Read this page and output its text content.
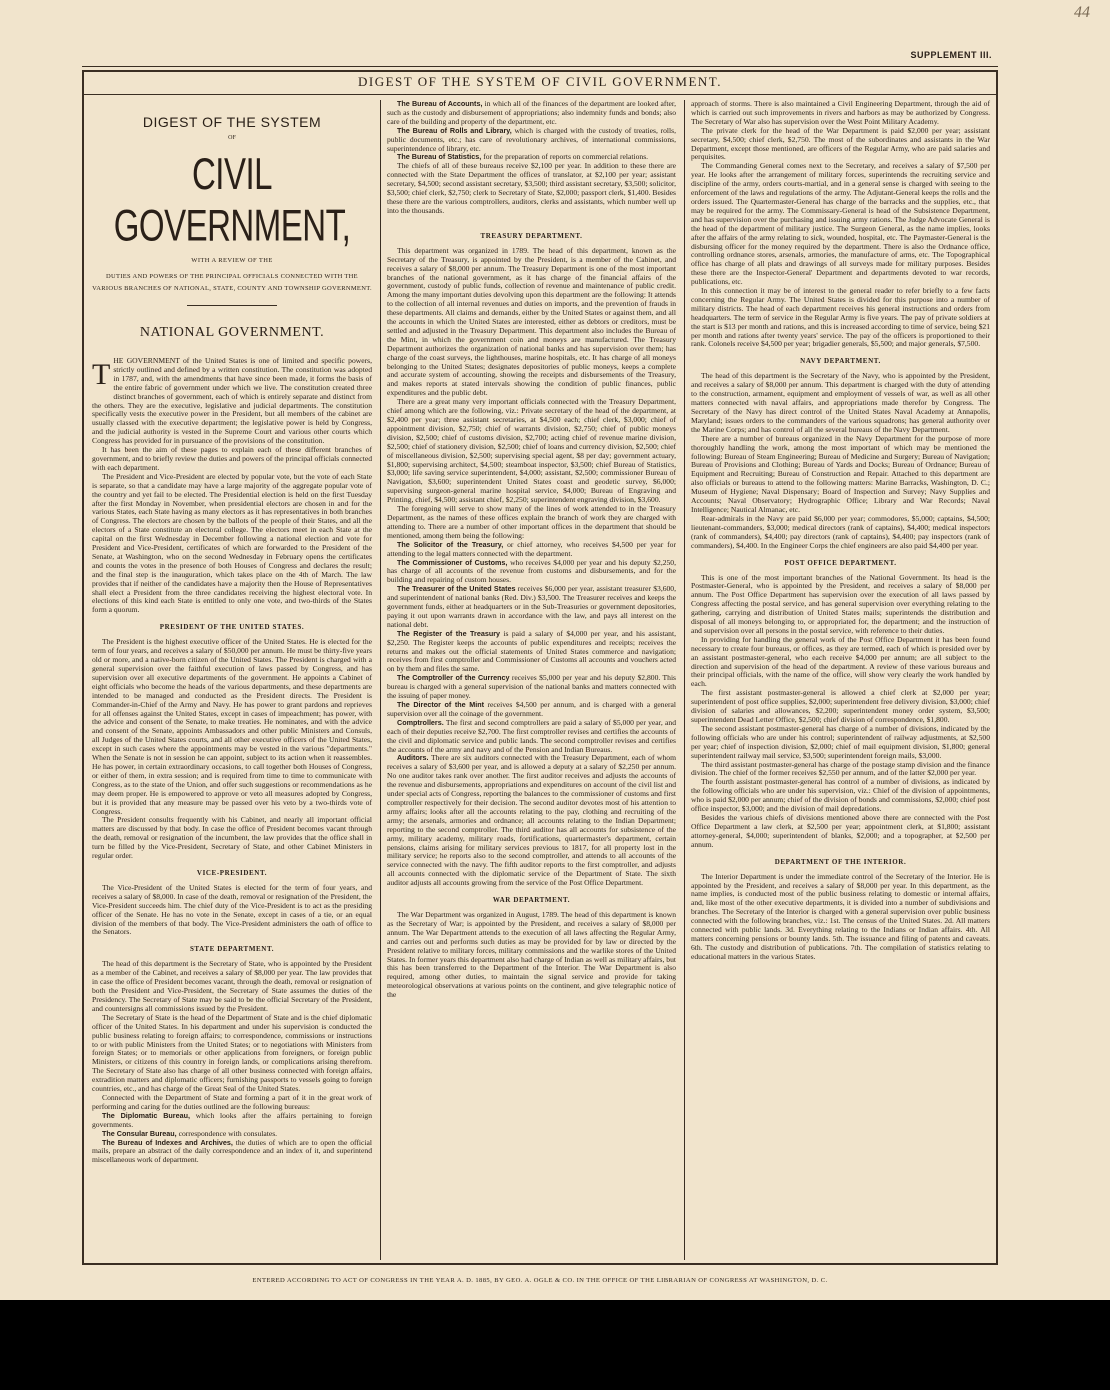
44
SUPPLEMENT III.
DIGEST OF THE SYSTEM OF CIVIL GOVERNMENT.
DIGEST OF THE SYSTEM
OF
CIVIL GOVERNMENT,
WITH A REVIEW OF THE
DUTIES AND POWERS OF THE PRINCIPAL OFFICIALS CONNECTED WITH THE VARIOUS BRANCHES OF NATIONAL, STATE, COUNTY AND TOWNSHIP GOVERNMENT.
NATIONAL GOVERNMENT.

THE GOVERNMENT of the United States is one of limited and specific powers, strictly outlined and defined by a written constitution. The constitution was adopted in 1787, and, with the amendments that have since been made, it forms the basis of the entire fabric of government under which we live. The constitution created three distinct branches of government, each of which is entirely separate and distinct from the others. They are the executive, legislative and judicial departments. The constitution specifically vests the executive power in the President, but all members of the cabinet are usually classed with the executive department; the legislative power is held by Congress, and the judicial authority is vested in the Supreme Court and various other courts which Congress has provided for in pursuance of the provisions of the constitution.

It has been the aim of these pages to explain each of these different branches of government, and to briefly review the duties and powers of the principal officials connected with each department.

The President and Vice-President are elected by popular vote, but the vote of each State is separate, so that a candidate may have a large majority of the aggregate popular vote of the country and yet fail to be elected. The Presidential election is held on the first Tuesday after the first Monday in November, when presidential electors are chosen in and for the various States, each State having as many electors as it has representatives in both branches of Congress. The electors are chosen by the ballots of the people of their States, and all the electors of a State constitute an electoral college. The electors meet in each State at the capital on the first Wednesday in December following a national election and vote for President and Vice-President, certificates of which are forwarded to the President of the Senate, at Washington, who on the second Wednesday in February opens the certificates and counts the votes in the presence of both Houses of Congress and declares the result; and the final step is the inauguration, which takes place on the 4th of March. The law provides that if neither of the candidates have a majority then the House of Representatives shall elect a President from the three candidates receiving the highest electoral vote. In elections of this kind each State is entitled to only one vote, and two-thirds of the States form a quorum.

PRESIDENT OF THE UNITED STATES.

The President is the highest executive officer of the United States. He is elected for the term of four years, and receives a salary of $50,000 per annum. He must be thirty-five years old or more, and a native-born citizen of the United States. The President is charged with a general supervision over the faithful execution of laws passed by Congress, and has supervision over all executive departments of the government. He appoints a Cabinet of eight officials who become the heads of the various departments, and these departments are intended to be managed and conducted as the President directs. The President is Commander-in-Chief of the Army and Navy. He has power to grant pardons and reprieves for all offenses against the United States, except in cases of impeachment; has power, with the advice and consent of the Senate, to make treaties. He nominates, and with the advice and consent of the Senate, appoints Ambassadors and other public Ministers and Consuls, all Judges of the United States courts, and all other executive officers of the United States, except in such cases where the appointments may be vested in the various "departments." When the Senate is not in session he can appoint, subject to its action when it reassembles. He has power, in certain extraordinary occasions, to call together both Houses of Congress, or either of them, in extra session; and is required from time to time to communicate with Congress, as to the state of the Union, and offer such suggestions or recommendations as he may deem proper. He is empowered to approve or veto all measures adopted by Congress, but it is provided that any measure may be passed over his veto by a two-thirds vote of Congress.

The President consults frequently with his Cabinet, and nearly all important official matters are discussed by that body. In case the office of President becomes vacant through the death, removal or resignation of the incumbent, the law provides that the office shall in turn be filled by the Vice-President, Secretary of State, and other Cabinet Ministers in regular order.

VICE-PRESIDENT.

The Vice-President of the United States is elected for the term of four years, and receives a salary of $8,000. In case of the death, removal or resignation of the President, the Vice-President succeeds him. The chief duty of the Vice-President is to act as the presiding officer of the Senate. He has no vote in the Senate, except in cases of a tie, or an equal division of the members of that body. The Vice-President administers the oath of office to the Senators.

STATE DEPARTMENT.

The head of this department is the Secretary of State, who is appointed by the President as a member of the Cabinet, and receives a salary of $8,000 per year. The law provides that in case the office of President becomes vacant, through the death, removal or resignation of both the President and Vice-President, the Secretary of State assumes the duties of the Presidency. The Secretary of State may be said to be the official Secretary of the President, and countersigns all commissions issued by the President.

The Secretary of State is the head of the Department of State and is the chief diplomatic officer of the United States. In his department and under his supervision is conducted the public business relating to foreign affairs; to correspondence, commissions or instructions to or with public Ministers from the United States; or to negotiations with Ministers from foreign States; or to memorials or other applications from foreigners, or foreign public Ministers, or citizens of this country in foreign lands, or complications arising therefrom. The Secretary of State also has charge of all other business connected with foreign affairs, extradition matters and diplomatic officers; furnishing passports to vessels going to foreign countries, etc., and has charge of the Great Seal of the United States.

Connected with the Department of State and forming a part of it in the great work of performing and caring for the duties outlined are the following bureaus:

The Diplomatic Bureau, which looks after the affairs pertaining to foreign governments.

The Consular Bureau, correspondence with consulates.

The Bureau of Indexes and Archives, the duties of which are to open the official mails, prepare an abstract of the daily correspondence and an index of it, and superintend miscellaneous work of department.

The Bureau of Accounts, in which all of the finances of the department are looked after, such as the custody and disbursement of appropriations; also indemnity funds and bonds; also care of the building and property of the department, etc.

The Bureau of Rolls and Library, which is charged with the custody of treaties, rolls, public documents, etc.; has care of revolutionary archives, of international commissions, superintendence of library, etc.

The Bureau of Statistics, for the preparation of reports on commercial relations.

The chiefs of all of these bureaus receive $2,100 per year. In addition to these there are connected with the State Department the offices of translator, at $2,100 per year; assistant secretary, $4,500; second assistant secretary, $3,500; third assistant secretary, $3,500; solicitor, $3,500; chief clerk, $2,750; clerk to Secretary of State, $2,000; passport clerk, $1,400. Besides these there are the various comptrollers, auditors, clerks and assistants, which number well up into the thousands.

TREASURY DEPARTMENT.

This department was organized in 1789. The head of this department, known as the Secretary of the Treasury, is appointed by the President, is a member of the Cabinet, and receives a salary of $8,000 per annum. The Treasury Department is one of the most important branches of the national government, as it has charge of the financial affairs of the government, custody of public funds, collection of revenue and maintenance of public credit. Among the many important duties devolving upon this department are the following: It attends to the collection of all internal revenues and duties on imports, and the prevention of frauds in these departments. All claims and demands, either by the United States or against them, and all the accounts in which the United States are interested, either as debtors or creditors, must be settled and adjusted in the Treasury Department. This department also includes the Bureau of the Mint, in which the government coin and moneys are manufactured. The Treasury Department authorizes the organization of national banks and has supervision over them; has charge of the coast surveys, the lighthouses, marine hospitals, etc. It has charge of all moneys belonging to the United States; designates depositories of public moneys, keeps a complete and accurate system of accounting, showing the receipts and disbursements of the Treasury, and makes reports at stated intervals showing the condition of public finances, public expenditures and the public debt.

There are a great many very important officials connected with the Treasury Department, chief among which are the following, viz.: Private secretary of the head of the department, at $2,400 per year; three assistant secretaries, at $4,500 each; chief clerk, $3,000; chief of appointment division, $2,750; chief of warrants division, $2,750; chief of public moneys division, $2,500; chief of customs division, $2,700; acting chief of revenue marine division, $2,500; chief of stationery division, $2,500; chief of loans and currency division, $2,500; chief of miscellaneous division, $2,500; supervising special agent, $8 per day; government actuary, $1,800; supervising architect, $4,500; steamboat inspector, $3,500; chief Bureau of Statistics, $3,000; life saving service superintendent, $4,000; assistant, $2,500; commissioner Bureau of Navigation, $3,600; superintendent United States coast and geodetic survey, $6,000; supervising surgeon-general marine hospital service, $4,000; Bureau of Engraving and Printing, chief, $4,500; assistant chief, $2,250; superintendent engraving division, $3,600.

The foregoing will serve to show many of the lines of work attended to in the Treasury Department, as the names of these offices explain the branch of work they are charged with attending to. There are a number of other important offices in the department that should be mentioned, among them being the following:

The Solicitor of the Treasury, or chief attorney, who receives $4,500 per year for attending to the legal matters connected with the department.

The Commissioner of Customs, who receives $4,000 per year and his deputy $2,250, has charge of all accounts of the revenue from customs and disbursements, and for the building and repairing of custom houses.

The Treasurer of the United States receives $6,000 per year, assistant treasurer $3,600, and superintendent of national banks (Red. Div.) $3,500. The Treasurer receives and keeps the government funds, either at headquarters or in the Sub-Treasuries or government depositories, paying it out upon warrants drawn in accordance with the law, and pays all interest on the national debt.

The Register of the Treasury is paid a salary of $4,000 per year, and his assistant, $2,250. The Register keeps the accounts of public expenditures and receipts; receives the returns and makes out the official statements of United States commerce and navigation; receives from first comptroller and Commissioner of Customs all accounts and vouchers acted on by them and files the same.

The Comptroller of the Currency receives $5,000 per year and his deputy $2,800. This bureau is charged with a general supervision of the national banks and matters connected with the issuing of paper money.

The Director of the Mint receives $4,500 per annum, and is charged with a general supervision over all the coinage of the government.

Comptrollers. The first and second comptrollers are paid a salary of $5,000 per year, and each of their deputies receive $2,700. The first comptroller revises and certifies the accounts of the civil and diplomatic service and public lands. The second comptroller revises and certifies the accounts of the army and navy and of the Pension and Indian Bureaus.

Auditors. There are six auditors connected with the Treasury Department, each of whom receives a salary of $3,600 per year, and is allowed a deputy at a salary of $2,250 per annum. No one auditor takes rank over another. The first auditor receives and adjusts the accounts of the revenue and disbursements, appropriations and expenditures on account of the civil list and under special acts of Congress, reporting the balances to the commissioner of customs and first comptroller respectively for their decision. The second auditor devotes most of his attention to army affairs; looks after all the accounts relating to the pay, clothing and recruiting of the army; the arsenals, armories and ordnance; all accounts relating to the Indian Department; reporting to the second comptroller. The third auditor has all accounts for subsistence of the army, military academy, military roads, fortifications, quartermaster's department, certain pensions, claims arising for military services previous to 1817, for all property lost in the military service; he reports also to the second comptroller, and attends to all accounts of the service connected with the navy. The fifth auditor reports to the first comptroller, and adjusts all accounts connected with the diplomatic service of the Department of State. The sixth auditor adjusts all accounts growing from the service of the Post Office Department.

WAR DEPARTMENT.

The War Department was organized in August, 1789. The head of this department is known as the Secretary of War; is appointed by the President, and receives a salary of $8,000 per annum. The War Department attends to the execution of all laws affecting the Regular Army, and carries out and performs such duties as may be provided for by law or directed by the President relative to military forces, military commissions and the warlike stores of the United States. In former years this department also had charge of Indian as well as military affairs, but this has been transferred to the Department of the Interior. The War Department is also required, among other duties, to maintain the signal service and provide for taking meteorological observations at various points on the continent, and give telegraphic notice of the

approach of storms. There is also maintained a Civil Engineering Department, through the aid of which is carried out such improvements in rivers and harbors as may be authorized by Congress. The Secretary of War also has supervision over the West Point Military Academy.

The private clerk for the head of the War Department is paid $2,000 per year; assistant secretary, $4,500; chief clerk, $2,750. The most of the subordinates and assistants in the War Department, except those mentioned, are officers of the Regular Army, who are paid salaries and perquisites.

The Commanding General comes next to the Secretary, and receives a salary of $7,500 per year. He looks after the arrangement of military forces, superintends the recruiting service and discipline of the army, orders courts-martial, and in a general sense is charged with seeing to the enforcement of the laws and regulations of the army. The Adjutant-General keeps the rolls and the orders issued. The Quartermaster-General has charge of the barracks and the supplies, etc., that may be required for the army. The Commissary-General is head of the Subsistence Department, and has supervision over the purchasing and issuing army rations. The Judge Advocate General is the head of the department of military justice. The Surgeon General, as the name implies, looks after the affairs of the army relating to sick, wounded, hospital, etc. The Paymaster-General is the disbursing officer for the money required by the department. There is also the Ordnance office, controlling ordnance stores, arsenals, armories, the manufacture of arms, etc. The Topographical office has charge of all plats and drawings of all surveys made for military purposes. Besides these there are the Inspector-General' Department and departments devoted to war records, publications, etc.

In this connection it may be of interest to the general reader to refer briefly to a few facts concerning the Regular Army. The United States is divided for this purpose into a number of military districts. The head of each department receives his general instructions and orders from headquarters. The term of service in the Regular Army is five years. The pay of private soldiers at the start is $13 per month and rations, and this is increased according to time of service, being $21 per month and rations after twenty years' service. The pay of the officers is proportioned to their rank. Colonels receive $4,500 per year; brigadier generals, $5,500; and major generals, $7,500.

NAVY DEPARTMENT.

The head of this department is the Secretary of the Navy, who is appointed by the President, and receives a salary of $8,000 per annum. This department is charged with the duty of attending to the construction, armament, equipment and employment of vessels of war, as well as all other matters connected with naval affairs, and appropriations made therefor by Congress. The Secretary of the Navy has direct control of the United States Naval Academy at Annapolis, Maryland; issues orders to the commanders of the various squadrons; has general authority over the Marine Corps; and has control of all the several bureaus of the Navy Department.

There are a number of bureaus organized in the Navy Department for the purpose of more thoroughly handling the work, among the most important of which may be mentioned the following: Bureau of Steam Engineering; Bureau of Medicine and Surgery; Bureau of Navigation; Bureau of Provisions and Clothing; Bureau of Yards and Docks; Bureau of Ordnance; Bureau of Equipment and Recruiting; Bureau of Construction and Repair. Attached to this department are also officials or bureaus to attend to the following matters: Marine Barracks, Washington, D. C.; Museum of Hygiene; Naval Dispensary; Board of Inspection and Survey; Navy Supplies and Accounts; Naval Observatory; Hydrographic Office; Library and War Records; Naval Intelligence; Nautical Almanac, etc.

Rear-admirals in the Navy are paid $6,000 per year; commodores, $5,000; captains, $4,500; lieutenant-commanders, $3,000; medical directors (rank of captains), $4,400; medical inspectors (rank of commanders), $4,400; pay directors (rank of captains), $4,400; pay inspectors (rank of commanders), $4,400. In the Engineer Corps the chief engineers are also paid $4,400 per year.

POST OFFICE DEPARTMENT.

This is one of the most important branches of the National Government. Its head is the Postmaster-General, who is appointed by the President, and receives a salary of $8,000 per annum. The Post Office Department has supervision over the execution of all laws passed by Congress affecting the postal service, and has general supervision over everything relating to the gathering, carrying and distribution of United States mails; superintends the distribution and disposal of all moneys belonging to, or appropriated for, the department; and the instruction of and supervision over all persons in the postal service, with reference to their duties.

In providing for handling the general work of the Post Office Department it has been found necessary to create four bureaus, or offices, as they are termed, each of which is presided over by an assistant postmaster-general, who each receive $4,000 per annum; are all subject to the direction and supervision of the head of the department. A review of these various bureaus and their principal officials, with the name of the office, will show very clearly the work handled by each.

The first assistant postmaster-general is allowed a chief clerk at $2,000 per year; superintendent of post office supplies, $2,000; superintendent free delivery division, $3,000; chief division of salaries and allowances, $2,200; superintendent money order system, $3,500; superintendent Dead Letter Office, $2,500; chief division of correspondence, $1,800.

The second assistant postmaster-general has charge of a number of divisions, indicated by the following officials who are under his control; superintendent of railway adjustments, at $2,500 per year; chief of inspection division, $2,000; chief of mail equipment division, $1,800; general superintendent railway mail service, $3,500; superintendent foreign mails, $3,000.

The third assistant postmaster-general has charge of the postage stamp division and the finance division. The chief of the former receives $2,550 per annum, and of the latter $2,000 per year.

The fourth assistant postmaster-general has control of a number of divisions, as indicated by the following officials who are under his supervision, viz.: Chief of the division of appointments, who is paid $2,000 per annum; chief of the division of bonds and commissions, $2,000; chief post office inspector, $3,000; and the division of mail depredations.

Besides the various chiefs of divisions mentioned above there are connected with the Post Office Department a law clerk, at $2,500 per year; appointment clerk, at $1,800; assistant attorney-general, $4,000; superintendent of blanks, $2,000; and a topographer, at $2,500 per annum.

DEPARTMENT OF THE INTERIOR.

The Interior Department is under the immediate control of the Secretary of the Interior. He is appointed by the President, and receives a salary of $8,000 per year. In this department, as the name implies, is conducted most of the public business relating to domestic or internal affairs, and, like most of the other executive departments, it is divided into a number of subdivisions and branches. The Secretary of the Interior is charged with a general supervision over public business connected with the following branches, viz.: 1st. The census of the United States. 2d. All matters connected with public lands. 3d. Everything relating to the Indians or Indian affairs. 4th. All matters concerning pensions or bounty lands. 5th. The issuance and filing of patents and caveats. 6th. The custody and distribution of publications. 7th. The compilation of statistics relating to educational matters in the various States.

ENTERED ACCORDING TO ACT OF CONGRESS IN THE YEAR A. D. 1885, BY GEO. A. OGLE & CO. IN THE OFFICE OF THE LIBRARIAN OF CONGRESS AT WASHINGTON, D. C.
